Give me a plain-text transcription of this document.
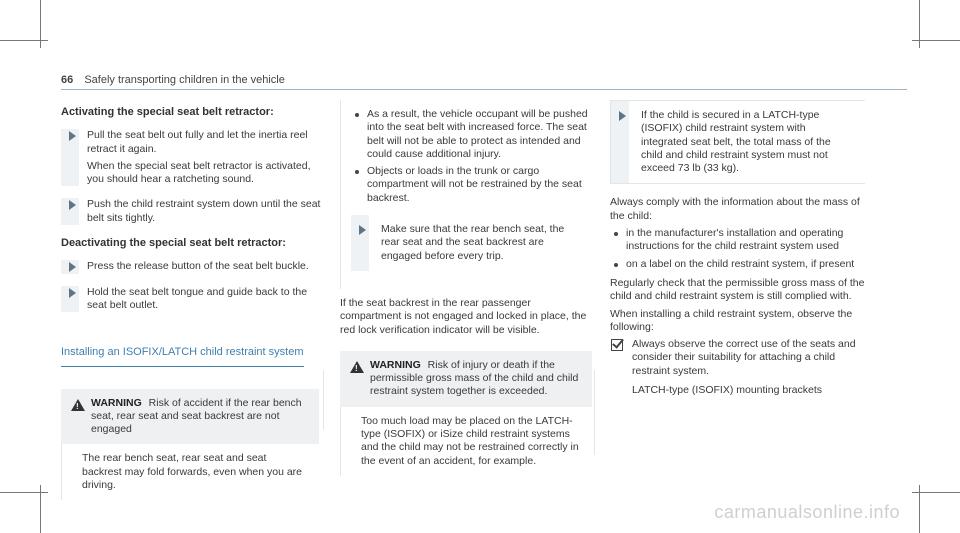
66 Safely transporting children in the vehicle
Activating the special seat belt retractor:
Pull the seat belt out fully and let the inertia reel retract it again.
When the special seat belt retractor is activated, you should hear a ratcheting sound.
Push the child restraint system down until the seat belt sits tightly.
Deactivating the special seat belt retractor:
Press the release button of the seat belt buckle.
Hold the seat belt tongue and guide back to the seat belt outlet.
Installing an ISOFIX/LATCH child restraint system
!
WARNING Risk of accident if the rear bench seat, rear seat and seat backrest are not engaged
The rear bench seat, rear seat and seat backrest may fold forwards, even when you are driving.
As a result, the vehicle occupant will be pushed into the seat belt with increased force. The seat belt will not be able to protect as intended and could cause additional injury.
Objects or loads in the trunk or cargo compartment will not be restrained by the seat backrest.
Make sure that the rear bench seat, the rear seat and the seat backrest are engaged before every trip.
If the seat backrest in the rear passenger compartment is not engaged and locked in place, the red lock verification indicator will be visible.
!
WARNING Risk of injury or death if the permissible gross mass of the child and child restraint system together is exceeded.
Too much load may be placed on the LATCH-type (ISOFIX) or iSize child restraint systems and the child may not be restrained correctly in the event of an accident, for example.
If the child is secured in a LATCH-type (ISOFIX) child restraint system with integrated seat belt, the total mass of the child and child restraint system must not exceed 73 lb (33 kg).
Always comply with the information about the mass of the child:
in the manufacturer's installation and operating instructions for the child restraint system used
on a label on the child restraint system, if present
Regularly check that the permissible gross mass of the child and child restraint system is still complied with.
When installing a child restraint system, observe the following:
Always observe the correct use of the seats and consider their suitability for attaching a child restraint system.
LATCH-type (ISOFIX) mounting brackets
carmanualsonline.info
